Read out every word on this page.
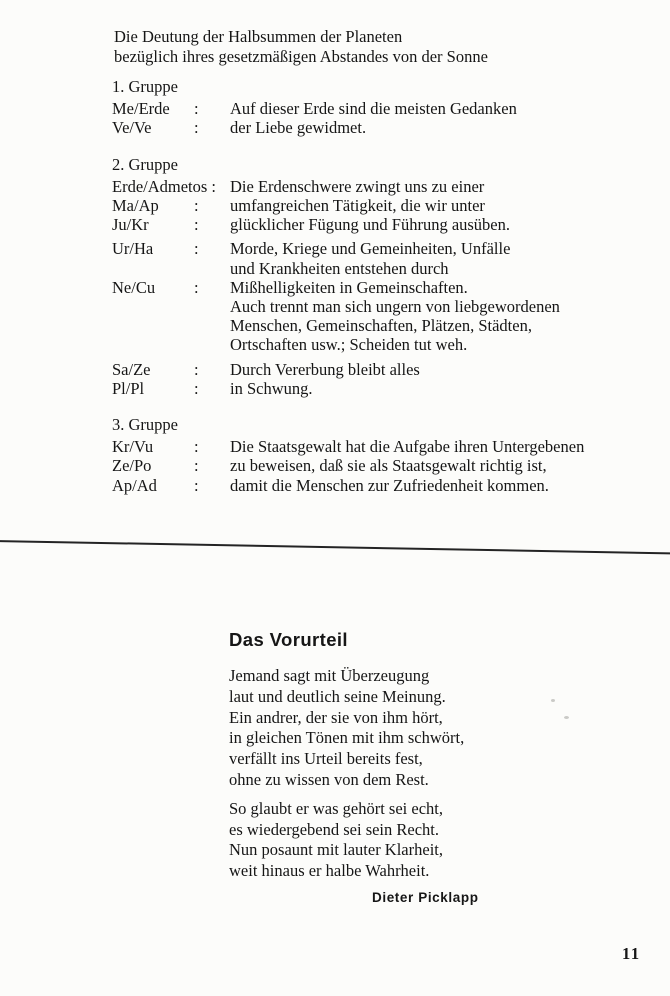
Die Deutung der Halbsummen der Planeten
bezüglich ihres gesetzmäßigen Abstandes von der Sonne
1. Gruppe
Me/Erde	:	Auf dieser Erde sind die meisten Gedanken
Ve/Ve	:	der Liebe gewidmet.
2. Gruppe
Erde/Admetos : Die Erdenschwere zwingt uns zu einer
Ma/Ap	:	umfangreichen Tätigkeit, die wir unter
Ju/Kr	:	glücklicher Fügung und Führung ausüben.
Ur/Ha	:	Morde, Kriege und Gemeinheiten, Unfälle
und Krankheiten entstehen durch
Ne/Cu	:	Mißhelligkeiten in Gemeinschaften.
Auch trennt man sich ungern von liebgewordenen
Menschen, Gemeinschaften, Plätzen, Städten,
Ortschaften usw.; Scheiden tut weh.
Sa/Ze	:	Durch Vererbung bleibt alles
Pl/Pl	:	in Schwung.
3. Gruppe
Kr/Vu	:	Die Staatsgewalt hat die Aufgabe ihren Untergebenen
Ze/Po	:	zu beweisen, daß sie als Staatsgewalt richtig ist,
Ap/Ad	:	damit die Menschen zur Zufriedenheit kommen.
Das Vorurteil
Jemand sagt mit Überzeugung
laut und deutlich seine Meinung.
Ein andrer, der sie von ihm hört,
in gleichen Tönen mit ihm schwört,
verfällt ins Urteil bereits fest,
ohne zu wissen von dem Rest.
So glaubt er was gehört sei echt,
es wiedergebend sei sein Recht.
Nun posaunt mit lauter Klarheit,
weit hinaus er halbe Wahrheit.
Dieter Picklapp
11
